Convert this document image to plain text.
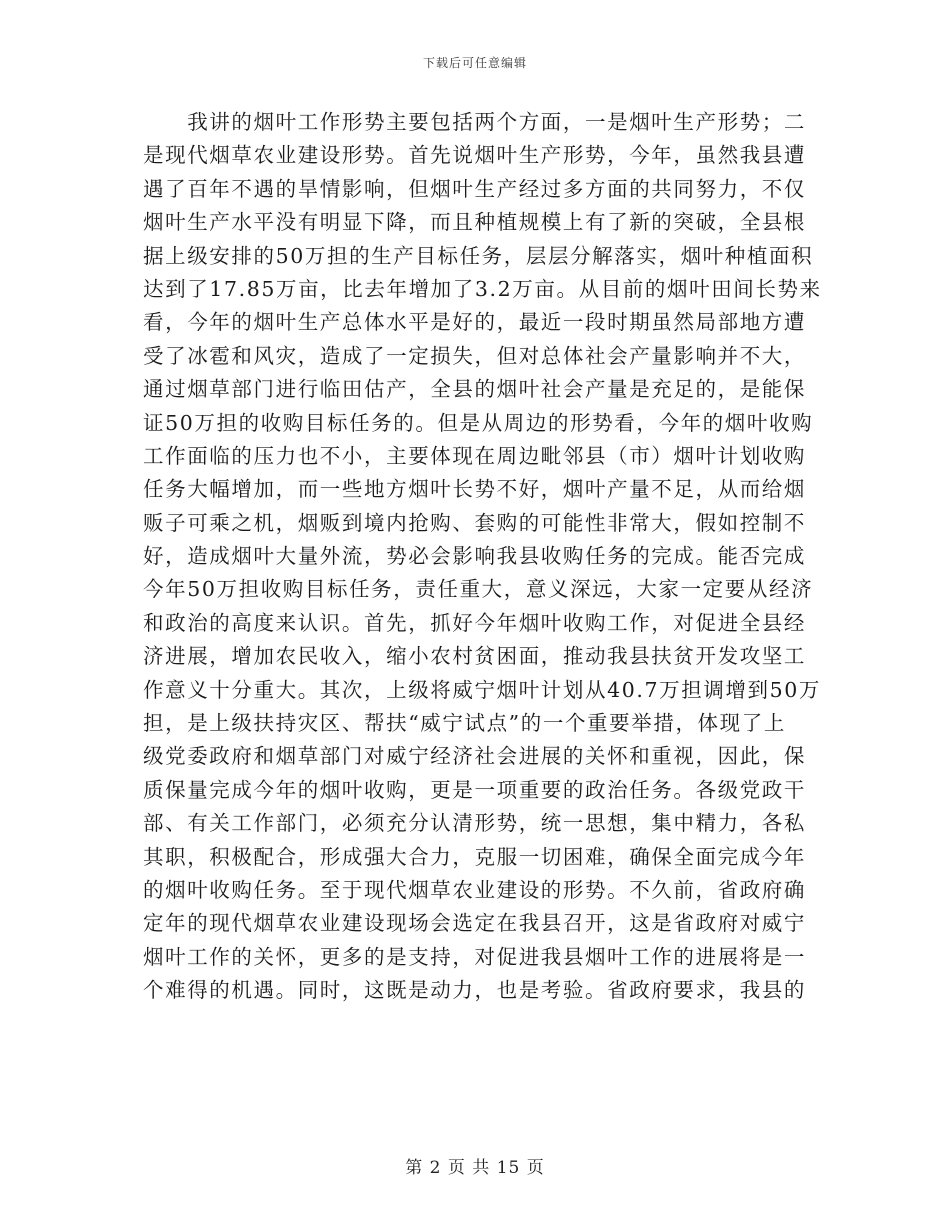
下载后可任意编辑
　　我讲的烟叶工作形势主要包括两个方面，一是烟叶生产形势；二
是现代烟草农业建设形势。首先说烟叶生产形势，今年，虽然我县遭
遇了百年不遇的旱情影响，但烟叶生产经过多方面的共同努力，不仅
烟叶生产水平没有明显下降，而且种植规模上有了新的突破，全县根
据上级安排的50万担的生产目标任务，层层分解落实，烟叶种植面积
达到了17.85万亩，比去年增加了3.2万亩。从目前的烟叶田间长势来
看，今年的烟叶生产总体水平是好的，最近一段时期虽然局部地方遭
受了冰雹和风灾，造成了一定损失，但对总体社会产量影响并不大，
通过烟草部门进行临田估产，全县的烟叶社会产量是充足的，是能保
证50万担的收购目标任务的。但是从周边的形势看，今年的烟叶收购
工作面临的压力也不小，主要体现在周边毗邻县（市）烟叶计划收购
任务大幅增加，而一些地方烟叶长势不好，烟叶产量不足，从而给烟
贩子可乘之机，烟贩到境内抢购、套购的可能性非常大，假如控制不
好，造成烟叶大量外流，势必会影响我县收购任务的完成。能否完成
今年50万担收购目标任务，责任重大，意义深远，大家一定要从经济
和政治的高度来认识。首先，抓好今年烟叶收购工作，对促进全县经
济进展，增加农民收入，缩小农村贫困面，推动我县扶贫开发攻坚工
作意义十分重大。其次，上级将威宁烟叶计划从40.7万担调增到50万
担，是上级扶持灾区、帮扶“威宁试点”的一个重要举措，体现了上
级党委政府和烟草部门对威宁经济社会进展的关怀和重视，因此，保
质保量完成今年的烟叶收购，更是一项重要的政治任务。各级党政干
部、有关工作部门，必须充分认清形势，统一思想，集中精力，各私
其职，积极配合，形成强大合力，克服一切困难，确保全面完成今年
的烟叶收购任务。至于现代烟草农业建设的形势。不久前，省政府确
定年的现代烟草农业建设现场会选定在我县召开，这是省政府对威宁
烟叶工作的关怀，更多的是支持，对促进我县烟叶工作的进展将是一
个难得的机遇。同时，这既是动力，也是考验。省政府要求，我县的
第 2 页 共 15 页
